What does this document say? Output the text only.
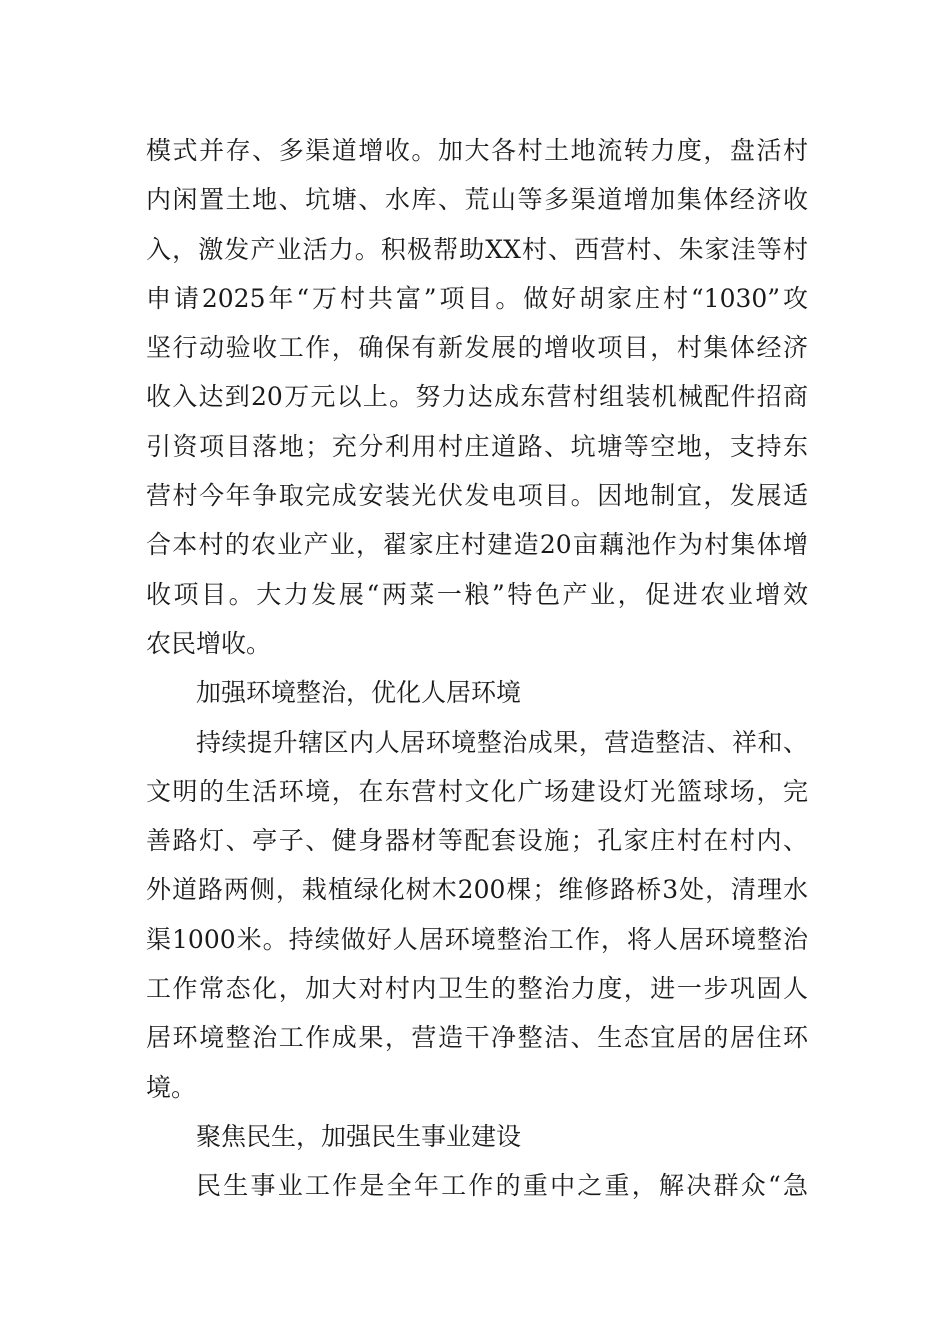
模式并存、多渠道增收。加大各村土地流转力度，盘活村
内闲置土地、坑塘、水库、荒山等多渠道增加集体经济收
入，激发产业活力。积极帮助XX村、西营村、朱家洼等村
申请2025年“万村共富”项目。做好胡家庄村“1030”攻
坚行动验收工作，确保有新发展的增收项目，村集体经济
收入达到20万元以上。努力达成东营村组装机械配件招商
引资项目落地；充分利用村庄道路、坑塘等空地，支持东
营村今年争取完成安装光伏发电项目。因地制宜，发展适
合本村的农业产业，翟家庄村建造20亩藕池作为村集体增
收项目。大力发展“两菜一粮”特色产业，促进农业增效
农民增收。
加强环境整治，优化人居环境
持续提升辖区内人居环境整治成果，营造整洁、祥和、
文明的生活环境，在东营村文化广场建设灯光篮球场，完
善路灯、亭子、健身器材等配套设施；孔家庄村在村内、
外道路两侧，栽植绿化树木200棵；维修路桥3处，清理水
渠1000米。持续做好人居环境整治工作，将人居环境整治
工作常态化，加大对村内卫生的整治力度，进一步巩固人
居环境整治工作成果，营造干净整洁、生态宜居的居住环
境。
聚焦民生，加强民生事业建设
民生事业工作是全年工作的重中之重，解决群众“急
